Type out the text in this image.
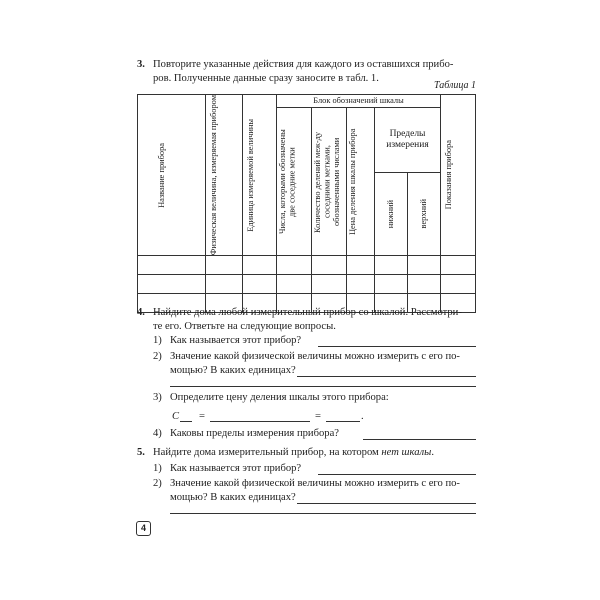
3. Повторите указанные действия для каждого из оставшихся прибо-
ров. Полученные данные сразу заносите в табл. 1.
Таблица 1
Название прибора	Физическая величина, измеряемая прибором	Единица измеряемой величины	Блок обозначений шкалы					Показания прибора

			Числа, которыми обозначены две соседние метки	Количество делений меж-ду соседними метками, обозначенными числами	Цена деления шкалы прибора	Пределы
измерения		

						нижний	верхний	

4. Найдите дома любой измерительный прибор со шкалой. Рассмотри-
те его. Ответьте на следующие вопросы.
1) Как называется этот прибор?
2) Значение какой физической величины можно измерить с его по-
мощью? В каких единицах?
3) Определите цену деления шкалы этого прибора:
C =	=	.
4) Каковы пределы измерения прибора?
5. Найдите дома измерительный прибор, на котором нет шкалы.
1) Как называется этот прибор?
2) Значение какой физической величины можно измерить с его по-
мощью? В каких единицах?
4
